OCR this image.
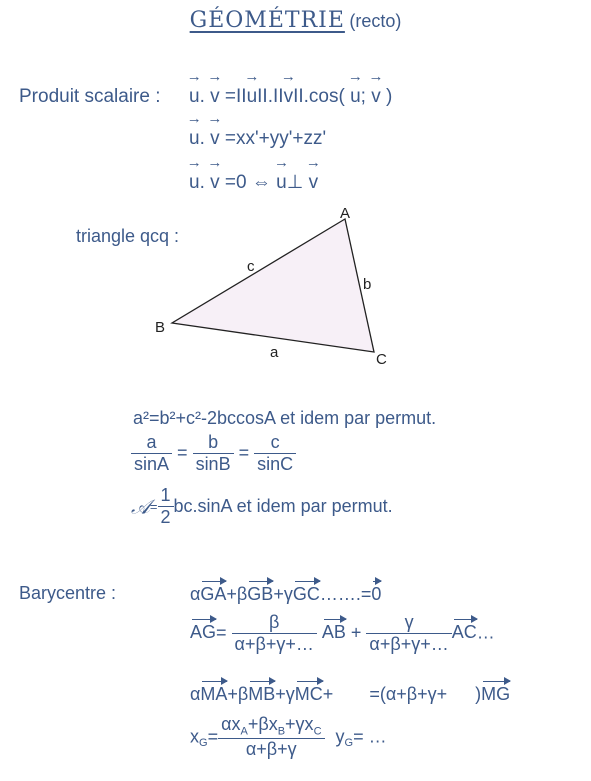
GÉOMÉTRIE (recto)
Produit scalaire : → u. → v =II→ uII.II→ vII.cos( → u; → v )
→ u. → v =xx'+yy'+zz'
→ u. → v =0 ⇔ → u⊥ → v
triangle qcq :
A
B
C
a
b
c
a²=b²+c²-2bccosA et idem par permut.
$\frac{a}{\sin A} = \frac{b}{\sin B} = \frac{c}{\sin C}$
𝒜= $\frac{1}{2} bc.\sin A$ et idem par permut.
Barycentre :	αGA+βGB+γGC…….=0
$AG= \frac{\beta}{\alpha+\beta+\gamma+\dots}$ AB + $\frac{\gamma}{\alpha+\beta+\gamma+\dots}$ AC…
αMA+βMB+γMC+ =(α+β+γ+ )MG
$x_G= \frac{\alpha x_A+\beta x_B+\gamma x_C}{\alpha+\beta+\gamma} y_G=$ …
